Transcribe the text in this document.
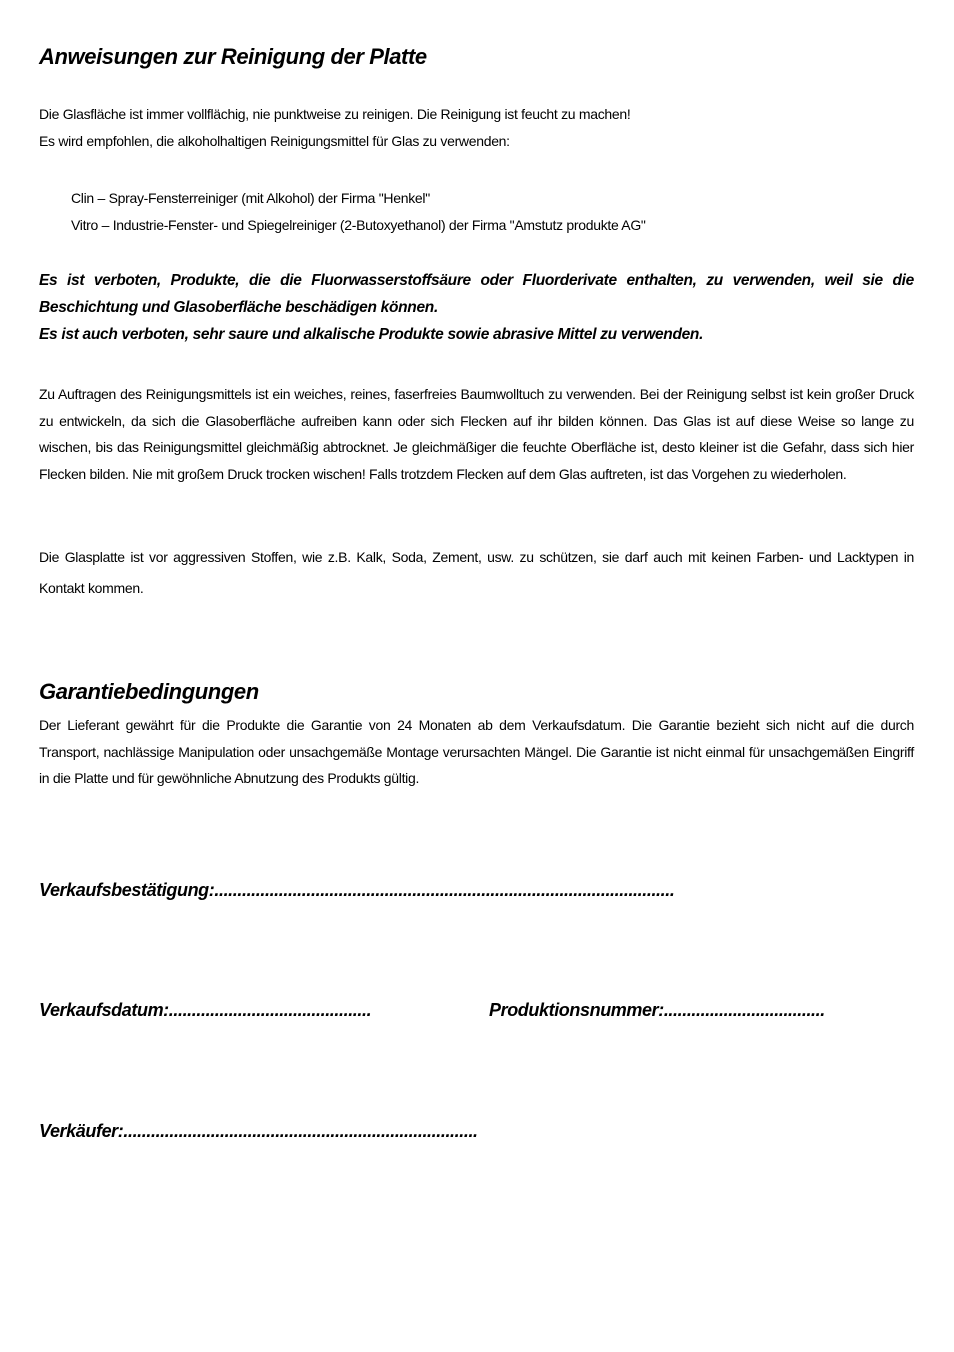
Anweisungen zur Reinigung der Platte
Die Glasfläche ist immer vollflächig, nie punktweise zu reinigen. Die Reinigung ist feucht zu machen!
Es wird empfohlen, die alkoholhaltigen Reinigungsmittel für Glas zu verwenden:
Clin – Spray-Fensterreiniger (mit Alkohol) der Firma "Henkel"
Vitro – Industrie-Fenster- und Spiegelreiniger (2-Butoxyethanol) der Firma "Amstutz produkte AG"
Es ist verboten, Produkte, die die Fluorwasserstoffsäure oder Fluorderivate enthalten, zu verwenden, weil sie die Beschichtung und Glasoberfläche beschädigen können.
Es ist auch verboten, sehr saure und alkalische Produkte sowie abrasive Mittel zu verwenden.

Zu Auftragen des Reinigungsmittels ist ein weiches, reines, faserfreies Baumwolltuch zu verwenden. Bei der Reinigung selbst ist kein großer Druck zu entwickeln, da sich die Glasoberfläche aufreiben kann oder sich Flecken auf ihr bilden können. Das Glas ist auf diese Weise so lange zu wischen, bis das Reinigungsmittel gleichmäßig abtrocknet. Je gleichmäßiger die feuchte Oberfläche ist, desto kleiner ist die Gefahr, dass sich hier Flecken bilden. Nie mit großem Druck trocken wischen! Falls trotzdem Flecken auf dem Glas auftreten, ist das Vorgehen zu wiederholen.

Die Glasplatte ist vor aggressiven Stoffen, wie z.B. Kalk, Soda, Zement, usw. zu schützen, sie darf auch mit keinen Farben- und Lacktypen in Kontakt kommen.

Garantiebedingungen

Der Lieferant gewährt für die Produkte die Garantie von 24 Monaten ab dem Verkaufsdatum. Die Garantie bezieht sich nicht auf die durch Transport, nachlässige Manipulation oder unsachgemäße Montage verursachten Mängel. Die Garantie ist nicht einmal für unsachgemäßen Eingriff in die Platte und für gewöhnliche Abnutzung des Produkts gültig.

Verkaufsbestätigung:....................................................................................................
Verkaufsdatum:............................................	Produktionsnummer:...................................
Verkäufer:.............................................................................
